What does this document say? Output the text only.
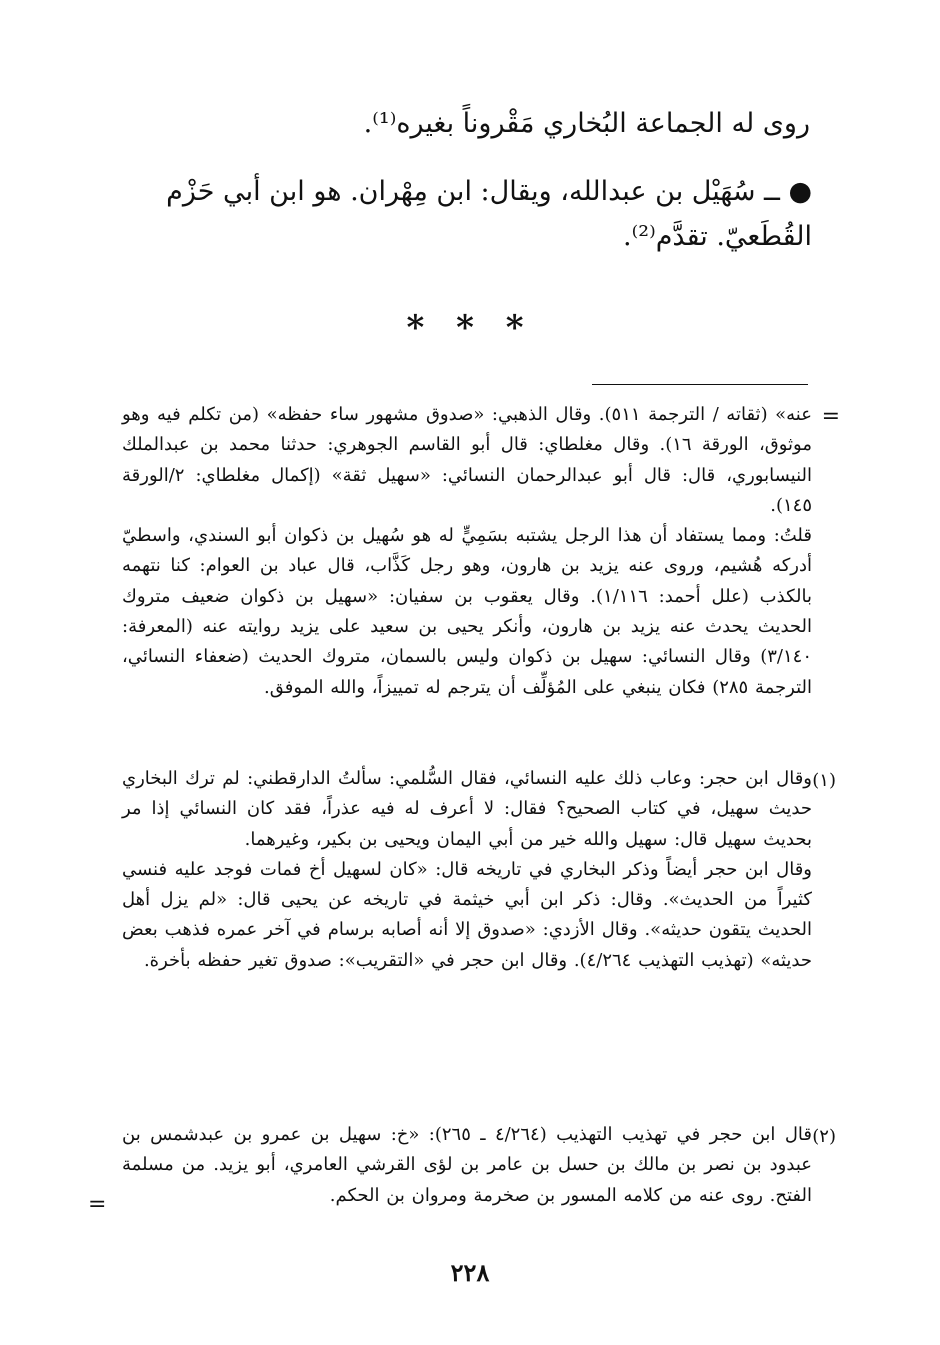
روى له الجماعة البُخاري مَقْروناً بغيره⁽¹⁾.
● ــ سُهَيْل بن عبدالله، ويقال: ابن مِهْران. هو ابن أبي حَزْم
القُطَعيّ. تقدَّم⁽²⁾.
* * *
=

عنه» (ثقاته / الترجمة ٥١١). وقال الذهبي: «صدوق مشهور ساء حفظه» (من تكلم فيه وهو موثوق، الورقة ١٦). وقال مغلطاي: قال أبو القاسم الجوهري: حدثنا محمد بن عبدالملك النيسابوري، قال: قال أبو عبدالرحمان النسائي: «سهيل ثقة» (إكمال مغلطاي: ٢/الورقة ١٤٥).

قلتُ: ومما يستفاد أن هذا الرجل يشتبه بسَمِيٍّ له هو سُهيل بن ذكوان أبو السندي، واسطيّ أدركه هُشيم، وروى عنه يزيد بن هارون، وهو رجل كَذَّاب، قال عباد بن العوام: كنا نتهمه بالكذب (علل أحمد: ١/١١٦). وقال يعقوب بن سفيان: «سهيل بن ذكوان ضعيف متروك الحديث يحدث عنه يزيد بن هارون، وأنكر يحيى بن سعيد على يزيد روايته عنه (المعرفة: ٣/١٤٠) وقال النسائي: سهيل بن ذكوان وليس بالسمان، متروك الحديث (ضعفاء النسائي، الترجمة ٢٨٥) فكان ينبغي على المُؤلِّف أن يترجم له تمييزاً، والله الموفق.

(١)

وقال ابن حجر: وعاب ذلك عليه النسائي، فقال السُّلمي: سألتُ الدارقطني: لم ترك البخاري حديث سهيل، في كتاب الصحيح؟ فقال: لا أعرف له فيه عذراً، فقد كان النسائي إذا مر بحديث سهيل قال: سهيل والله خير من أبي اليمان ويحيى بن بكير، وغيرهما.

وقال ابن حجر أيضاً وذكر البخاري في تاريخه قال: «كان لسهيل أخ فمات فوجد عليه فنسي كثيراً من الحديث». وقال: ذكر ابن أبي خيثمة في تاريخه عن يحيى قال: «لم يزل أهل الحديث يتقون حديثه». وقال الأزدي: «صدوق إلا أنه أصابه برسام في آخر عمره فذهب بعض حديثه» (تهذيب التهذيب ٤/٢٦٤). وقال ابن حجر في «التقريب»: صدوق تغير حفظه بأخرة.

(٢)

قال ابن حجر في تهذيب التهذيب (٤/٢٦٤ ـ ٢٦٥): «خ: سهيل بن عمرو بن عبدشمس بن عبدود بن نصر بن مالك بن حسل بن عامر بن لؤى القرشي العامري، أبو يزيد. من مسلمة الفتح. روى عنه من كلامه المسور بن صخرمة ومروان بن الحكم.

=
٢٢٨
